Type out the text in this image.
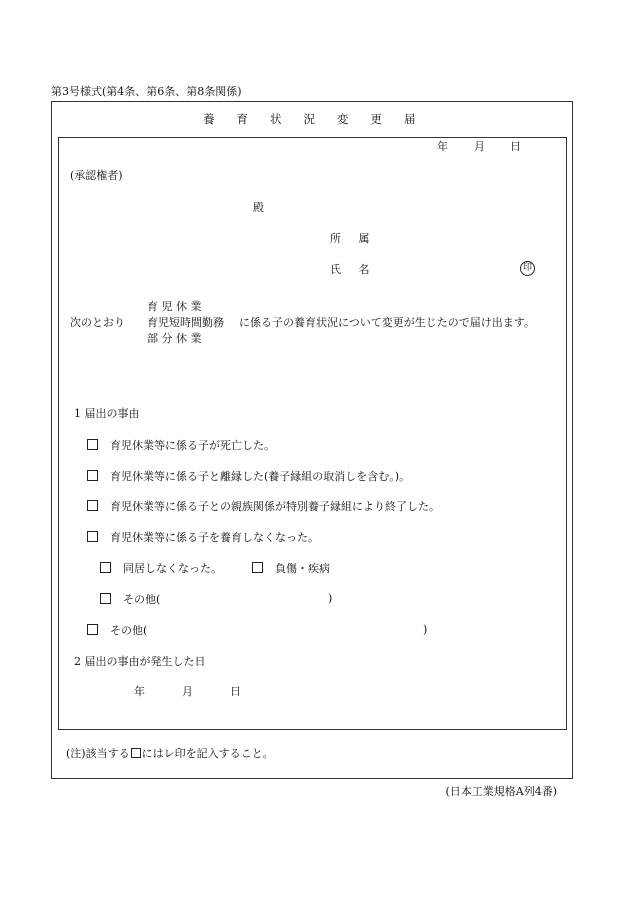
第3号様式(第4条、第6条、第8条関係)
養育状況変更届
年 月 日
(承認権者)
殿
所 属
氏 名	印
次のとおり
育 児 休 業
育児短時間勤務
部 分 休 業
に係る子の養育状況について変更が生じたので届け出ます。
1 届出の事由
育児休業等に係る子が死亡した。
育児休業等に係る子と離縁した(養子縁組の取消しを含む。)。
育児休業等に係る子との親族関係が特別養子縁組により終了した。
育児休業等に係る子を養育しなくなった。
同居しなくなった。	負傷・疾病
その他(	)
その他(	)
2 届出の事由が発生した日
年	月	日
(注)該当する にはレ印を記入すること。
(日本工業規格A列4番)
